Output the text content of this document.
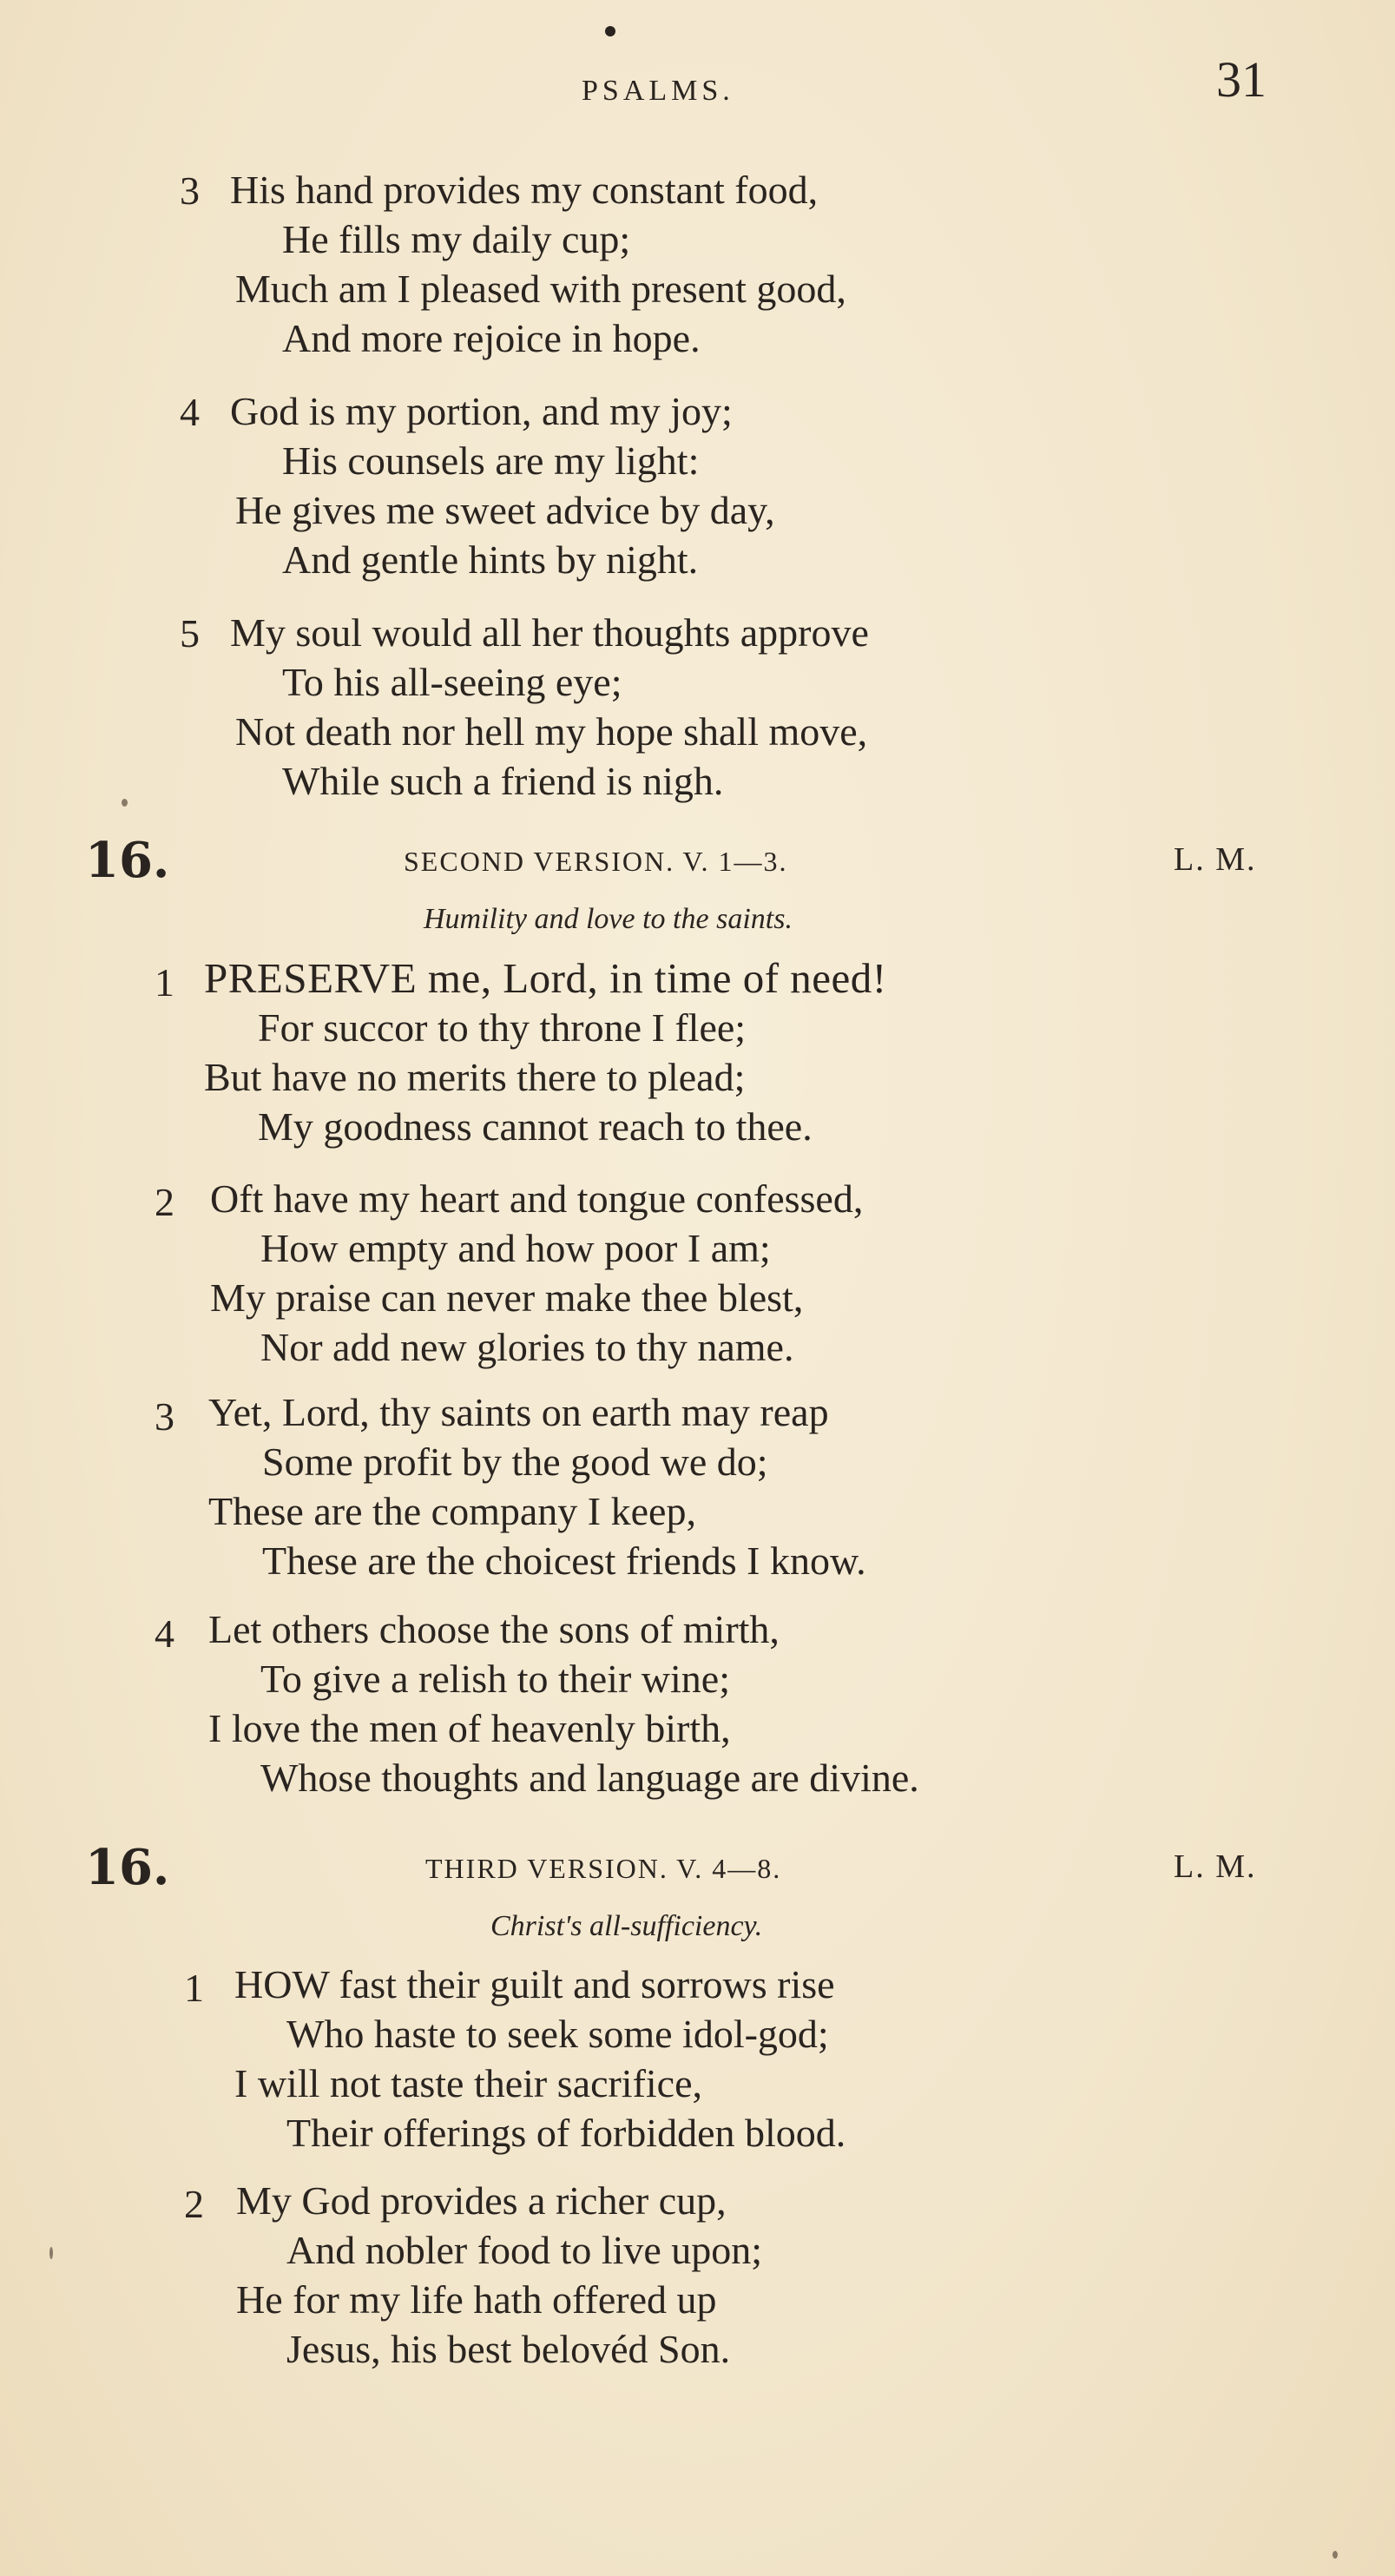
PSALMS.	31
3 His hand provides my constant food,
He fills my daily cup;
Much am I pleased with present good,
And more rejoice in hope.
4 God is my portion, and my joy;
His counsels are my light:
He gives me sweet advice by day,
And gentle hints by night.
5 My soul would all her thoughts approve
To his all-seeing eye;
Not death nor hell my hope shall move,
While such a friend is nigh.
16.	SECOND VERSION. V. 1—3.	L. M.
Humility and love to the saints.
1 PRESERVE me, Lord, in time of need!
For succor to thy throne I flee;
But have no merits there to plead;
My goodness cannot reach to thee.
2 Oft have my heart and tongue confessed,
How empty and how poor I am;
My praise can never make thee blest,
Nor add new glories to thy name.
3 Yet, Lord, thy saints on earth may reap
Some profit by the good we do;
These are the company I keep,
These are the choicest friends I know.
4 Let others choose the sons of mirth,
To give a relish to their wine;
I love the men of heavenly birth,
Whose thoughts and language are divine.
16.	THIRD VERSION. V. 4—8.	L. M.
Christ's all-sufficiency.
1 HOW fast their guilt and sorrows rise
Who haste to seek some idol-god;
I will not taste their sacrifice,
Their offerings of forbidden blood.
2 My God provides a richer cup,
And nobler food to live upon;
He for my life hath offered up
Jesus, his best belovéd Son.
